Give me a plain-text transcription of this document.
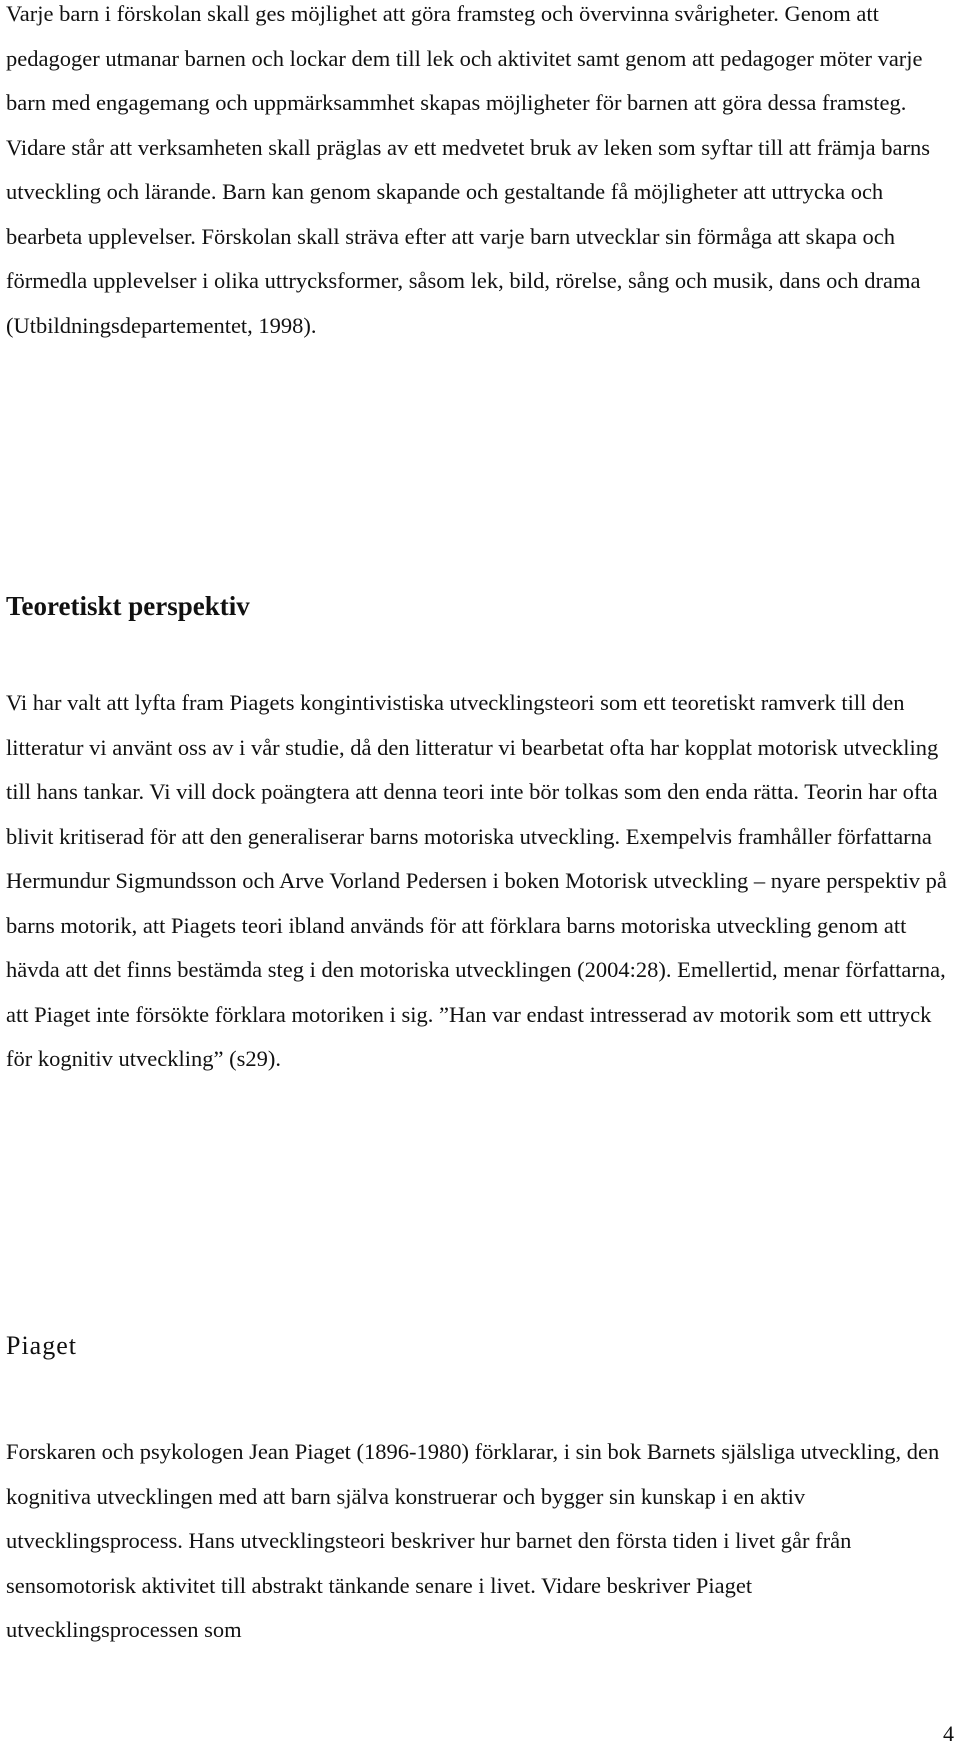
Varje barn i förskolan skall ges möjlighet att göra framsteg och övervinna svårigheter. Genom att pedagoger utmanar barnen och lockar dem till lek och aktivitet samt genom att pedagoger möter varje barn med engagemang och uppmärksammhet skapas möjligheter för barnen att göra dessa framsteg. Vidare står att verksamheten skall präglas av ett medvetet bruk av leken som syftar till att främja barns utveckling och lärande. Barn kan genom skapande och gestaltande få möjligheter att uttrycka och bearbeta upplevelser. Förskolan skall sträva efter att varje barn utvecklar sin förmåga att skapa och förmedla upplevelser i olika uttrycksformer, såsom lek, bild, rörelse, sång och musik, dans och drama (Utbildningsdepartementet, 1998).

Teoretiskt perspektiv

Vi har valt att lyfta fram Piagets kongintivistiska utvecklingsteori som ett teoretiskt ramverk till den litteratur vi använt oss av i vår studie, då den litteratur vi bearbetat ofta har kopplat motorisk utveckling till hans tankar. Vi vill dock poängtera att denna teori inte bör tolkas som den enda rätta. Teorin har ofta blivit kritiserad för att den generaliserar barns motoriska utveckling. Exempelvis framhåller författarna Hermundur Sigmundsson och Arve Vorland Pedersen i boken Motorisk utveckling – nyare perspektiv på barns motorik, att Piagets teori ibland används för att förklara barns motoriska utveckling genom att hävda att det finns bestämda steg i den motoriska utvecklingen (2004:28). Emellertid, menar författarna, att Piaget inte försökte förklara motoriken i sig. ”Han var endast intresserad av motorik som ett uttryck för kognitiv utveckling” (s29).

Piaget

Forskaren och psykologen Jean Piaget (1896-1980) förklarar, i sin bok Barnets själsliga utveckling, den kognitiva utvecklingen med att barn själva konstruerar och bygger sin kunskap i en aktiv utvecklingsprocess. Hans utvecklingsteori beskriver hur barnet den första tiden i livet går från sensomotorisk aktivitet till abstrakt tänkande senare i livet. Vidare beskriver Piaget utvecklingsprocessen som

4
